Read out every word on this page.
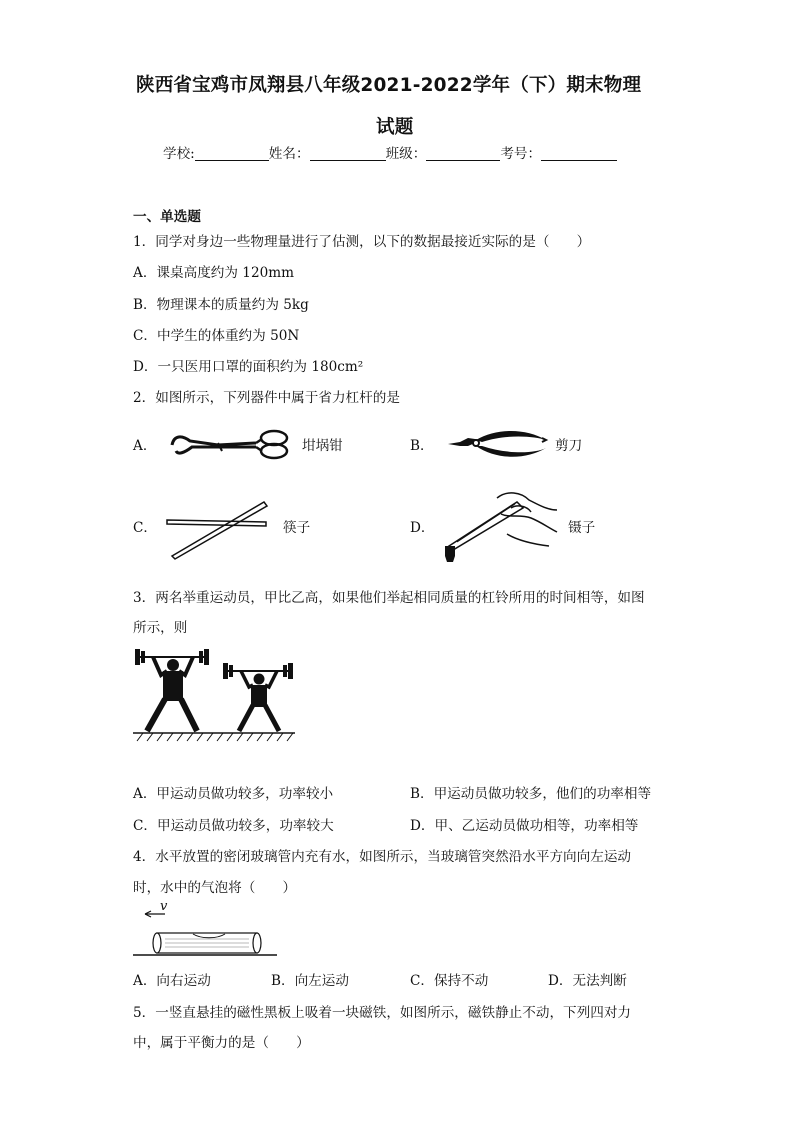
陕西省宝鸡市凤翔县八年级2021-2022学年（下）期末物理
试题
学校:	姓名：	班级：	考号：
一、单选题
1．同学对身边一些物理量进行了估测，以下的数据最接近实际的是（　　）
A．课桌高度约为 120mm
B．物理课本的质量约为 5kg
C．中学生的体重约为 50N
D．一只医用口罩的面积约为 180cm²
2．如图所示，下列器件中属于省力杠杆的是
A．	坩埚钳	B．	剪刀
C．	筷子	D．	镊子
3．两名举重运动员，甲比乙高，如果他们举起相同质量的杠铃所用的时间相等，如图
所示，则
A．甲运动员做功较多，功率较小	B．甲运动员做功较多，他们的功率相等
C．甲运动员做功较多，功率较大	D．甲、乙运动员做功相等，功率相等
4．水平放置的密闭玻璃管内充有水，如图所示，当玻璃管突然沿水平方向向左运动
时，水中的气泡将（　　）
v
A．向右运动	B．向左运动	C．保持不动	D．无法判断
5．一竖直悬挂的磁性黑板上吸着一块磁铁，如图所示，磁铁静止不动，下列四对力
中，属于平衡力的是（　　）
